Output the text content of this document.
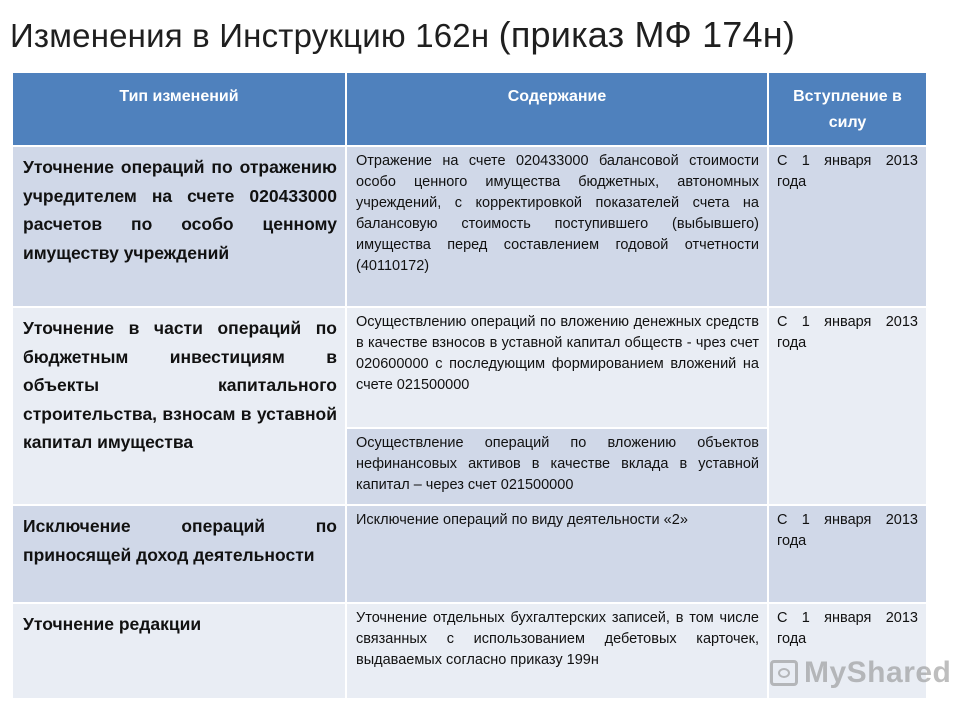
Изменения в Инструкцию 162н (приказ МФ 174н)
Тип изменений	Содержание	Вступление в силу
Уточнение операций по отражению учредителем на счете 020433000 расчетов по особо ценному имуществу учреждений	Отражение на счете 020433000 балансовой стоимости особо ценного имущества бюджетных, автономных учреждений, с корректировкой показателей счета на балансовую стоимость поступившего (выбывшего) имущества перед составлением годовой отчетности (40110172)	С 1 января 2013 года
Уточнение в части операций по бюджетным инвестициям в объекты капитального строительства, взносам в уставной капитал имущества	Осуществлению операций по вложению денежных средств в качестве взносов в уставной капитал обществ - чрез счет 020600000 с последующим формированием вложений на счете 021500000	С 1 января 2013 года
	Осуществление операций по вложению объектов нефинансовых активов в качестве вклада в уставной капитал – через счет 021500000	
Исключение операций по приносящей доход деятельности	Исключение операций по виду деятельности «2»	С 1 января 2013 года
Уточнение редакции	Уточнение отдельных бухгалтерских записей, в том числе связанных с использованием дебетовых карточек, выдаваемых согласно приказу 199н	С 1 января 2013 года
MyShared
